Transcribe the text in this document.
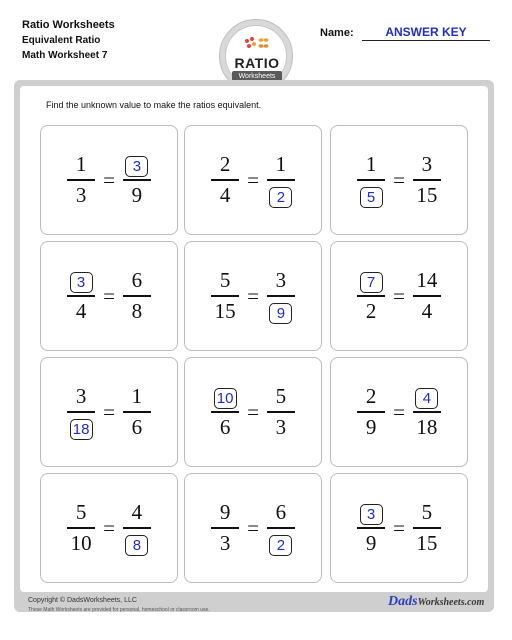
Ratio Worksheets
Equivalent Ratio
Math Worksheet 7	RATIO
Worksheets
Name:	ANSWER KEY
Find the unknown value to make the ratios equivalent.
$\frac{1}{3} = \frac{3}{9}$	$\frac{2}{4} = \frac{1}{2}$	$\frac{1}{5} = \frac{3}{15}$
$\frac{3}{4} = \frac{6}{8}$	$\frac{5}{15} = \frac{3}{9}$	$\frac{7}{2} = \frac{14}{4}$
$\frac{3}{18} = \frac{1}{6}$	$\frac{10}{6} = \frac{5}{3}$	$\frac{2}{9} = \frac{4}{18}$
$\frac{5}{10} = \frac{4}{8}$	$\frac{9}{3} = \frac{6}{2}$	$\frac{3}{9} = \frac{5}{15}$
Copyright © DadsWorksheets, LLC
These Math Worksheets are provided for personal, homeschool or classroom use.
DadsWorksheets.com
